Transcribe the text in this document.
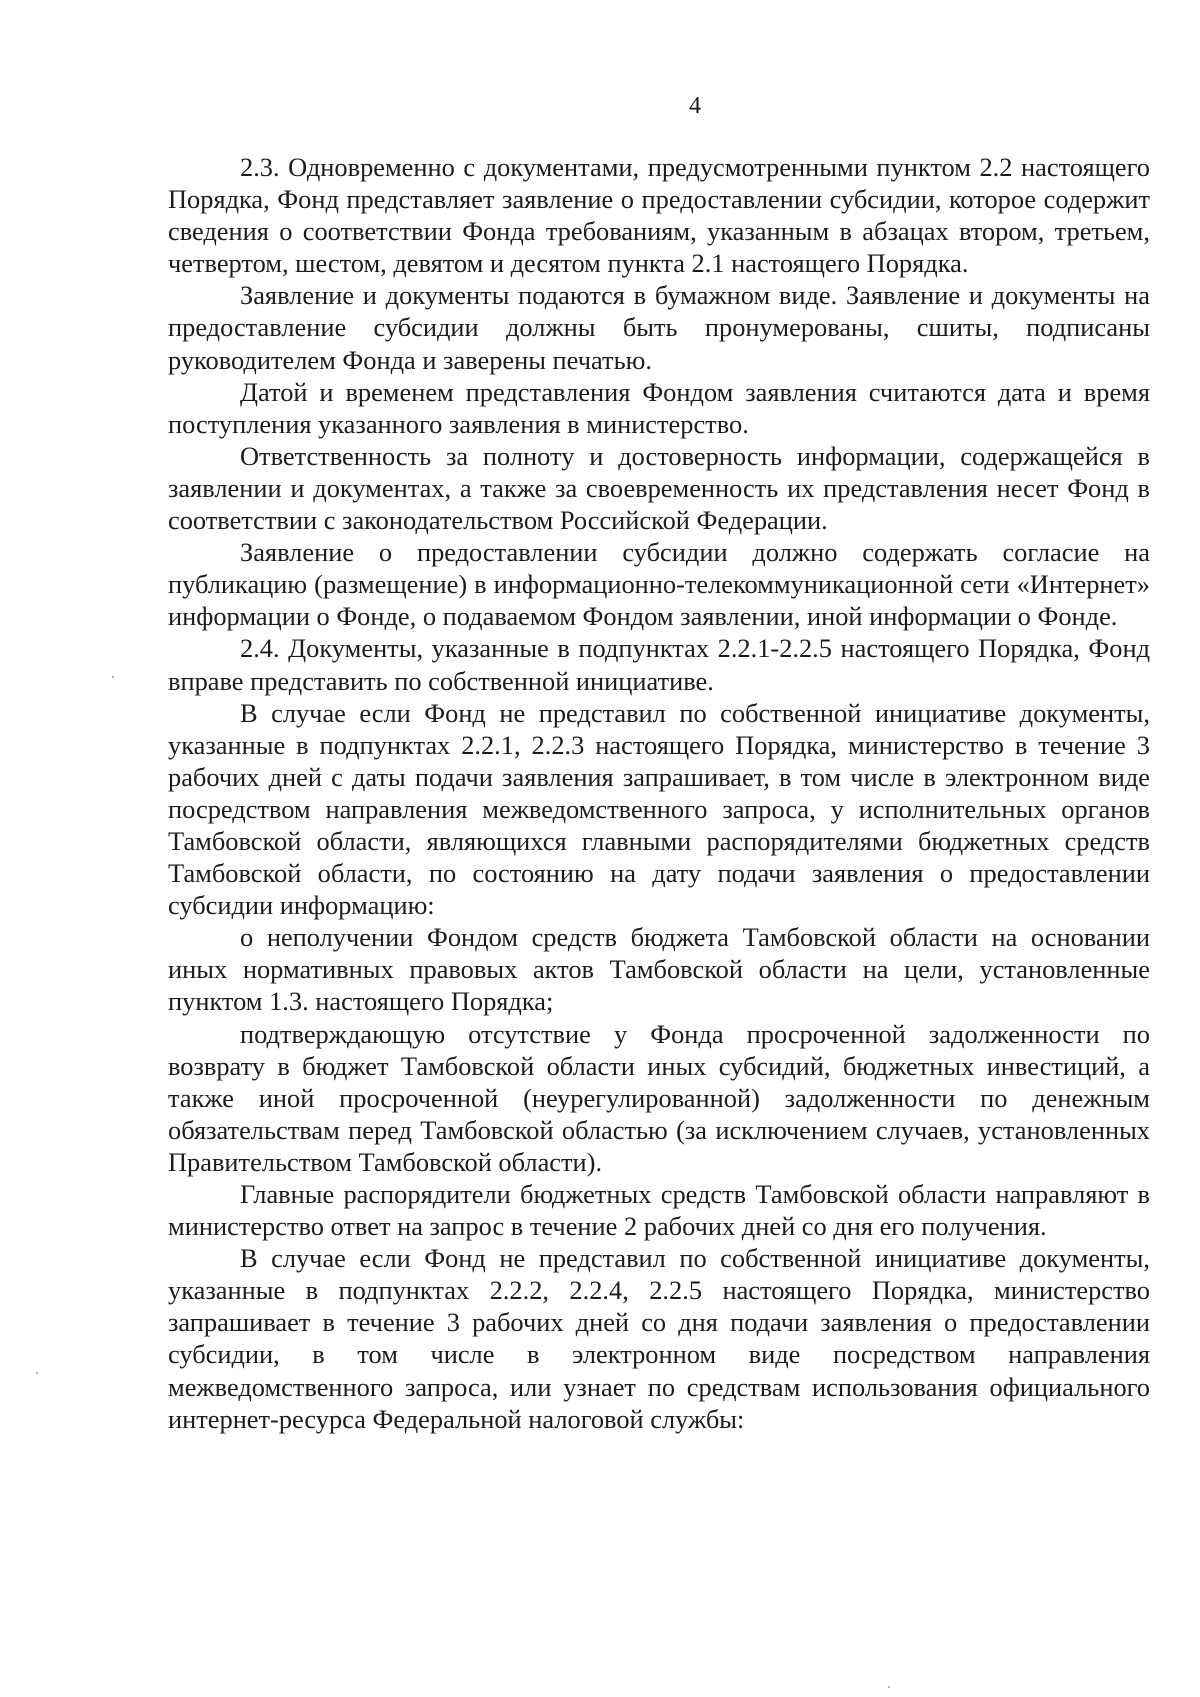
4

2.3. Одновременно с документами, предусмотренными пунктом 2.2 настоящего Порядка, Фонд представляет заявление о предоставлении субсидии, которое содержит сведения о соответствии Фонда требованиям, указанным в абзацах втором, третьем, четвертом, шестом, девятом и десятом пункта 2.1 настоящего Порядка.

Заявление и документы подаются в бумажном виде. Заявление и документы на предоставление субсидии должны быть пронумерованы, сшиты, подписаны руководителем Фонда и заверены печатью.

Датой и временем представления Фондом заявления считаются дата и время поступления указанного заявления в министерство.

Ответственность за полноту и достоверность информации, содержащейся в заявлении и документах, а также за своевременность их представления несет Фонд в соответствии с законодательством Российской Федерации.

Заявление о предоставлении субсидии должно содержать согласие на публикацию (размещение) в информационно-телекоммуникационной сети «Интернет» информации о Фонде, о подаваемом Фондом заявлении, иной информации о Фонде.

2.4. Документы, указанные в подпунктах 2.2.1-2.2.5 настоящего Порядка, Фонд вправе представить по собственной инициативе.

В случае если Фонд не представил по собственной инициативе документы, указанные в подпунктах 2.2.1, 2.2.3 настоящего Порядка, министерство в течение 3 рабочих дней с даты подачи заявления запрашивает, в том числе в электронном виде посредством направления межведомственного запроса, у исполнительных органов Тамбовской области, являющихся главными распорядителями бюджетных средств Тамбовской области, по состоянию на дату подачи заявления о предоставлении субсидии информацию:

о неполучении Фондом средств бюджета Тамбовской области на основании иных нормативных правовых актов Тамбовской области на цели, установленные пунктом 1.3. настоящего Порядка;

подтверждающую отсутствие у Фонда просроченной задолженности по возврату в бюджет Тамбовской области иных субсидий, бюджетных инвестиций, а также иной просроченной (неурегулированной) задолженности по денежным обязательствам перед Тамбовской областью (за исключением случаев, установленных Правительством Тамбовской области).

Главные распорядители бюджетных средств Тамбовской области направляют в министерство ответ на запрос в течение 2 рабочих дней со дня его получения.

В случае если Фонд не представил по собственной инициативе документы, указанные в подпунктах 2.2.2, 2.2.4, 2.2.5 настоящего Порядка, министерство запрашивает в течение 3 рабочих дней со дня подачи заявления о предоставлении субсидии, в том числе в электронном виде посредством направления межведомственного запроса, или узнает по средствам использования официального интернет-ресурса Федеральной налоговой службы:
